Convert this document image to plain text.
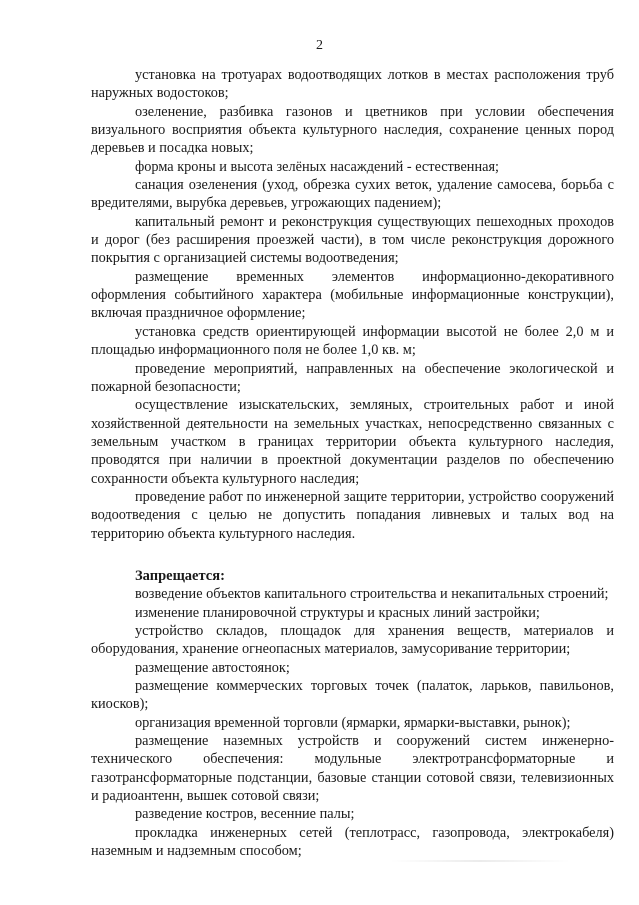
2

установка на тротуарах водоотводящих лотков в местах расположения труб наружных водостоков;

озеленение, разбивка газонов и цветников при условии обеспечения визуального восприятия объекта культурного наследия, сохранение ценных пород деревьев и посадка новых;

форма кроны и высота зелёных насаждений - естественная;

санация озеленения (уход, обрезка сухих веток, удаление самосева, борьба с вредителями, вырубка деревьев, угрожающих падением);

капитальный ремонт и реконструкция существующих пешеходных проходов и дорог (без расширения проезжей части), в том числе реконструкция дорожного покрытия с организацией системы водоотведения;

размещение временных элементов информационно-декоративного оформления событийного характера (мобильные информационные конструкции), включая праздничное оформление;

установка средств ориентирующей информации высотой не более 2,0 м и площадью информационного поля не более 1,0 кв. м;

проведение мероприятий, направленных на обеспечение экологической и пожарной безопасности;

осуществление изыскательских, земляных, строительных работ и иной хозяйственной деятельности на земельных участках, непосредственно связанных с земельным участком в границах территории объекта культурного наследия, проводятся при наличии в проектной документации разделов по обеспечению сохранности объекта культурного наследия;

проведение работ по инженерной защите территории, устройство сооружений водоотведения с целью не допустить попадания ливневых и талых вод на территорию объекта культурного наследия.

Запрещается:

возведение объектов капитального строительства и некапитальных строений;

изменение планировочной структуры и красных линий застройки;

устройство складов, площадок для хранения веществ, материалов и оборудования, хранение огнеопасных материалов, замусоривание территории;

размещение автостоянок;

размещение коммерческих торговых точек (палаток, ларьков, павильонов, киосков);

организация временной торговли (ярмарки, ярмарки-выставки, рынок);

размещение наземных устройств и сооружений систем инженерно-технического обеспечения: модульные электротрансформаторные и газотрансформаторные подстанции, базовые станции сотовой связи, телевизионных и радиоантенн, вышек сотовой связи;

разведение костров, весенние палы;

прокладка инженерных сетей (теплотрасс, газопровода, электрокабеля) наземным и надземным способом;
